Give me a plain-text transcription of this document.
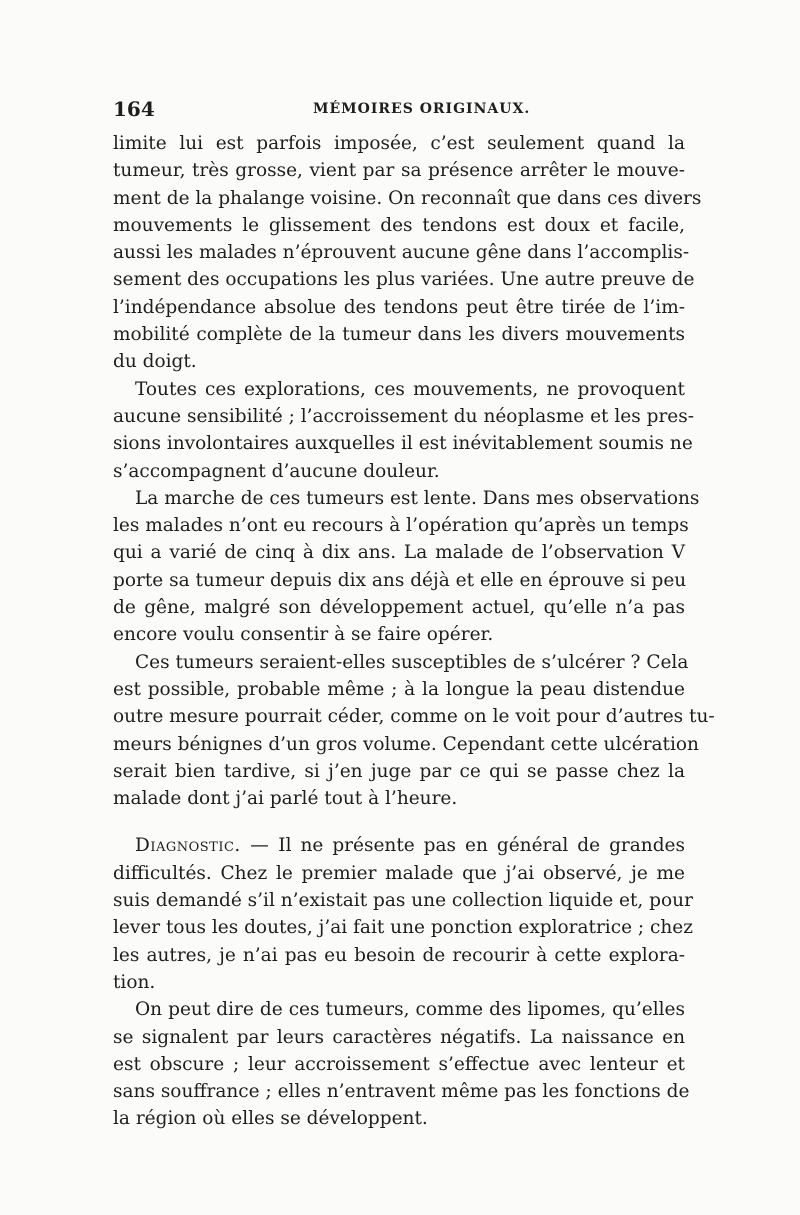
164	MÉMOIRES ORIGINAUX.

limite lui est parfois imposée, c’est seulement quand la
tumeur, très grosse, vient par sa présence arrêter le mouve-
ment de la phalange voisine. On reconnaît que dans ces divers
mouvements le glissement des tendons est doux et facile,
aussi les malades n’éprouvent aucune gêne dans l’accomplis-
sement des occupations les plus variées. Une autre preuve de
l’indépendance absolue des tendons peut être tirée de l’im-
mobilité complète de la tumeur dans les divers mouvements
du doigt.

Toutes ces explorations, ces mouvements, ne provoquent
aucune sensibilité ; l’accroissement du néoplasme et les pres-
sions involontaires auxquelles il est inévitablement soumis ne
s’accompagnent d’aucune douleur.

La marche de ces tumeurs est lente. Dans mes observations
les malades n’ont eu recours à l’opération qu’après un temps
qui a varié de cinq à dix ans. La malade de l’observation V
porte sa tumeur depuis dix ans déjà et elle en éprouve si peu
de gêne, malgré son développement actuel, qu’elle n’a pas
encore voulu consentir à se faire opérer.

Ces tumeurs seraient-elles susceptibles de s’ulcérer ? Cela
est possible, probable même ; à la longue la peau distendue
outre mesure pourrait céder, comme on le voit pour d’autres tu-
meurs bénignes d’un gros volume. Cependant cette ulcération
serait bien tardive, si j’en juge par ce qui se passe chez la
malade dont j’ai parlé tout à l’heure.

Diagnostic. — Il ne présente pas en général de grandes
difficultés. Chez le premier malade que j’ai observé, je me
suis demandé s’il n’existait pas une collection liquide et, pour
lever tous les doutes, j’ai fait une ponction exploratrice ; chez
les autres, je n’ai pas eu besoin de recourir à cette explora-
tion.

On peut dire de ces tumeurs, comme des lipomes, qu’elles
se signalent par leurs caractères négatifs. La naissance en
est obscure ; leur accroissement s’effectue avec lenteur et
sans souffrance ; elles n’entravent même pas les fonctions de
la région où elles se développent.
